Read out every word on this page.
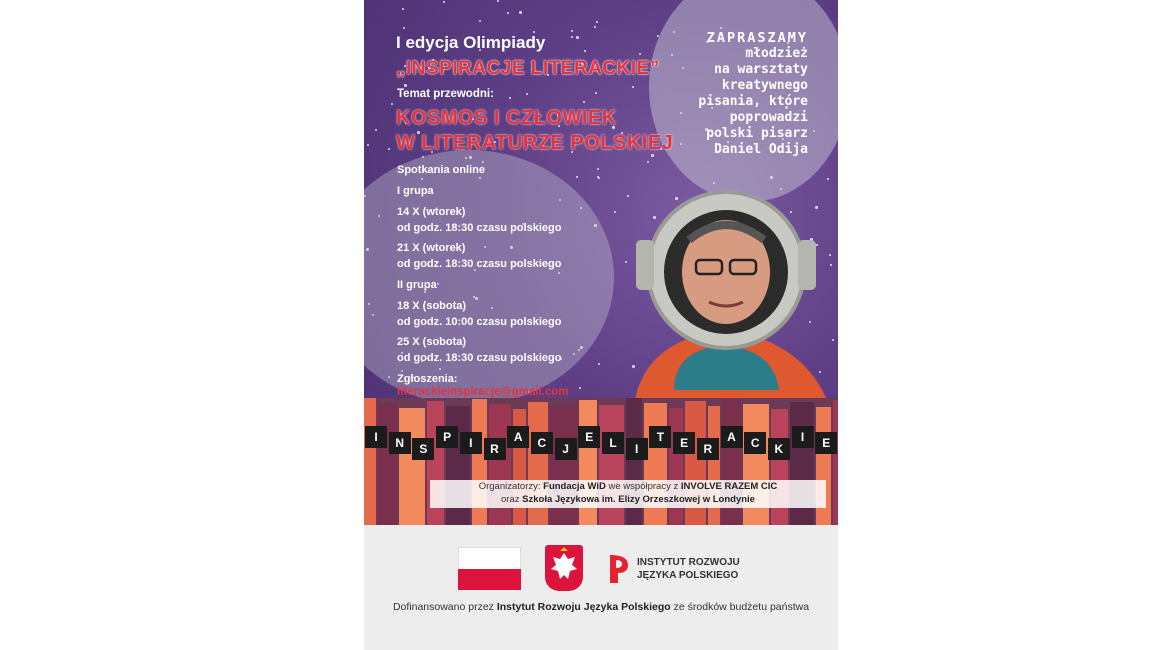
I edycja Olimpiady

„INSPIRACJE LITERACKIE”

Temat przewodni:

KOSMOS I CZŁOWIEK

W LITERATURZE POLSKIEJ

Spotkania online

I grupa

14 X (wtorek)

od godz. 18:30 czasu polskiego

21 X (wtorek)

od godz. 18:30 czasu polskiego

II grupa

18 X (sobota)

od godz. 10:00 czasu polskiego

25 X (sobota)

od godz. 18:30 czasu polskiego

Zgłoszenia:

literackieinspiracje@gmail.com
ZAPRASZAMY
młodzież
na warsztaty
kreatywnego
pisania, które
poprowadzi
polski pisarz
Daniel Odija
I	N	S
P	I	R
A	C	J
E	L	I
T	E	R
A	C	K
I	E
Organizatorzy: Fundacja WiD we współpracy z INVOLVE RAZEM CIC
oraz Szkoła Językowa im. Elizy Orzeszkowej w Londynie
INSTYTUT ROZWOJU
JĘZYKA POLSKIEGO
Dofinansowano przez Instytut Rozwoju Języka Polskiego ze środków budżetu państwa
